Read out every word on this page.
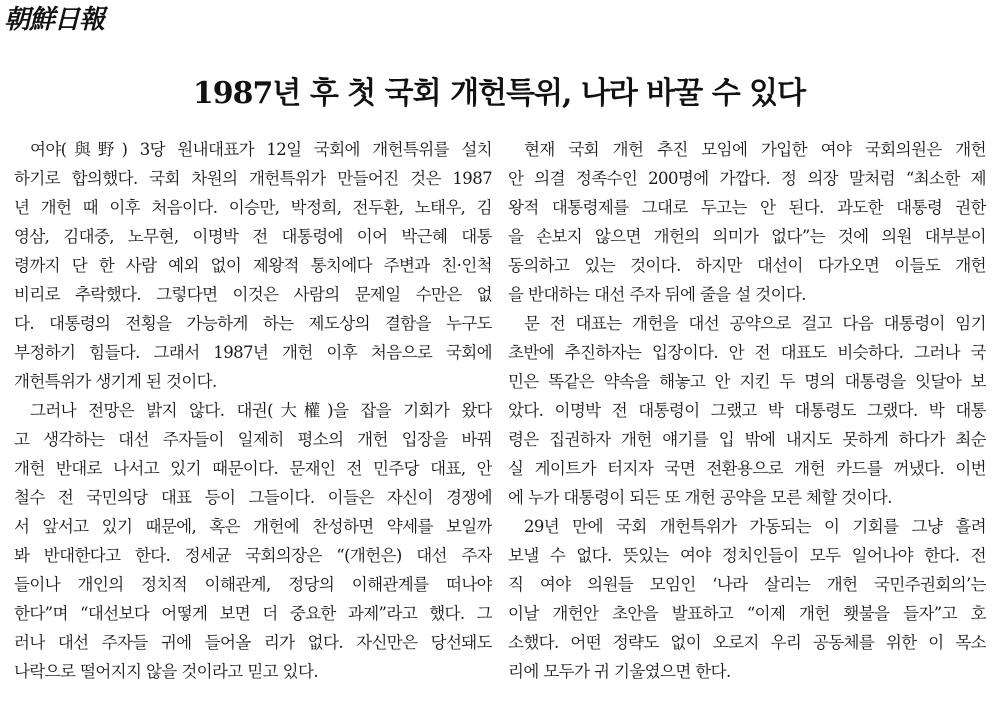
朝鮮日報
1987년 후 첫 국회 개헌특위, 나라 바꿀 수 있다
여야(與野) 3당 원내대표가 12일 국회에 개헌특위를 설치
하기로 합의했다. 국회 차원의 개헌특위가 만들어진 것은 1987
년 개헌 때 이후 처음이다. 이승만, 박정희, 전두환, 노태우, 김
영삼, 김대중, 노무현, 이명박 전 대통령에 이어 박근혜 대통
령까지 단 한 사람 예외 없이 제왕적 통치에다 주변과 친·인척
비리로 추락했다. 그렇다면 이것은 사람의 문제일 수만은 없
다. 대통령의 전횡을 가능하게 하는 제도상의 결함을 누구도
부정하기 힘들다. 그래서 1987년 개헌 이후 처음으로 국회에
개헌특위가 생기게 된 것이다.
그러나 전망은 밝지 않다. 대권(大權)을 잡을 기회가 왔다
고 생각하는 대선 주자들이 일제히 평소의 개헌 입장을 바꿔
개헌 반대로 나서고 있기 때문이다. 문재인 전 민주당 대표, 안
철수 전 국민의당 대표 등이 그들이다. 이들은 자신이 경쟁에
서 앞서고 있기 때문에, 혹은 개헌에 찬성하면 약세를 보일까
봐 반대한다고 한다. 정세균 국회의장은 “(개헌은) 대선 주자
들이나 개인의 정치적 이해관계, 정당의 이해관계를 떠나야
한다”며 “대선보다 어떻게 보면 더 중요한 과제”라고 했다. 그
러나 대선 주자들 귀에 들어올 리가 없다. 자신만은 당선돼도
나락으로 떨어지지 않을 것이라고 믿고 있다.
현재 국회 개헌 추진 모임에 가입한 여야 국회의원은 개헌
안 의결 정족수인 200명에 가깝다. 정 의장 말처럼 “최소한 제
왕적 대통령제를 그대로 두고는 안 된다. 과도한 대통령 권한
을 손보지 않으면 개헌의 의미가 없다”는 것에 의원 대부분이
동의하고 있는 것이다. 하지만 대선이 다가오면 이들도 개헌
을 반대하는 대선 주자 뒤에 줄을 설 것이다.
문 전 대표는 개헌을 대선 공약으로 걸고 다음 대통령이 임기
초반에 추진하자는 입장이다. 안 전 대표도 비슷하다. 그러나 국
민은 똑같은 약속을 해놓고 안 지킨 두 명의 대통령을 잇달아 보
았다. 이명박 전 대통령이 그랬고 박 대통령도 그랬다. 박 대통
령은 집권하자 개헌 얘기를 입 밖에 내지도 못하게 하다가 최순
실 게이트가 터지자 국면 전환용으로 개헌 카드를 꺼냈다. 이번
에 누가 대통령이 되든 또 개헌 공약을 모른 체할 것이다.
29년 만에 국회 개헌특위가 가동되는 이 기회를 그냥 흘려
보낼 수 없다. 뜻있는 여야 정치인들이 모두 일어나야 한다. 전
직 여야 의원들 모임인 ‘나라 살리는 개헌 국민주권회의’는
이날 개헌안 초안을 발표하고 “이제 개헌 횃불을 들자”고 호
소했다. 어떤 정략도 없이 오로지 우리 공동체를 위한 이 목소
리에 모두가 귀 기울였으면 한다.
